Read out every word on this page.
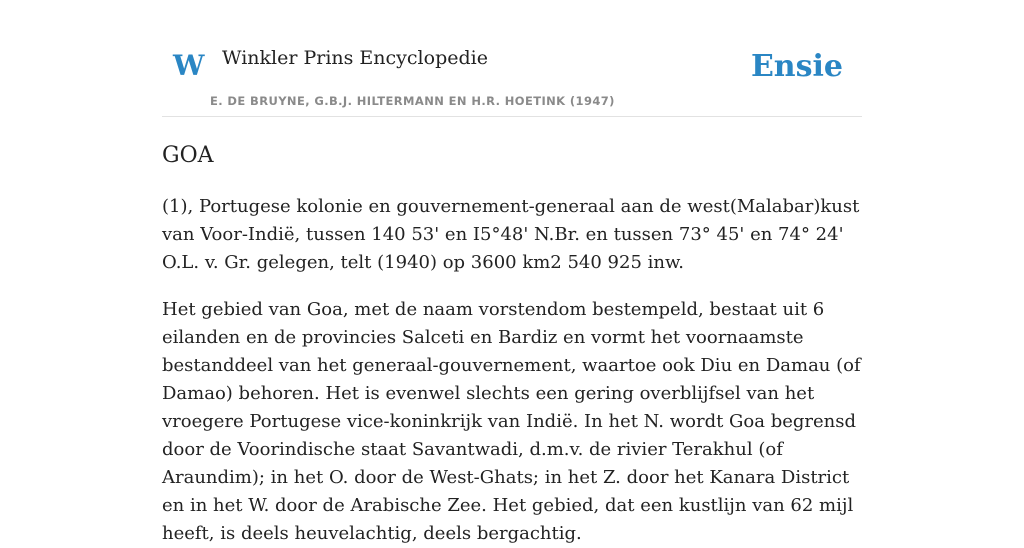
W Winkler Prins Encyclopedie
E. DE BRUYNE, G.B.J. HILTERMANN EN H.R. HOETINK (1947)
Ensie
GOA

(1), Portugese kolonie en gouvernement-generaal aan de west(Malabar)kust van Voor-Indië, tussen 140 53' en I5°48' N.Br. en tussen 73° 45' en 74° 24' O.L. v. Gr. gelegen, telt (1940) op 3600 km2 540 925 inw.

Het gebied van Goa, met de naam vorstendom bestempeld, bestaat uit 6 eilanden en de provincies Salceti en Bardiz en vormt het voornaamste bestanddeel van het generaal-gouvernement, waartoe ook Diu en Damau (of Damao) behoren. Het is evenwel slechts een gering overblijfsel van het vroegere Portugese vice-koninkrijk van Indië. In het N. wordt Goa begrensd door de Voorindische staat Savantwadi, d.m.v. de rivier Terakhul (of Araundim); in het O. door de West-Ghats; in het Z. door het Kanara District en in het W. door de Arabische Zee. Het gebied, dat een kustlijn van 62 mijl heeft, is deels heuvelachtig, deels bergachtig.
